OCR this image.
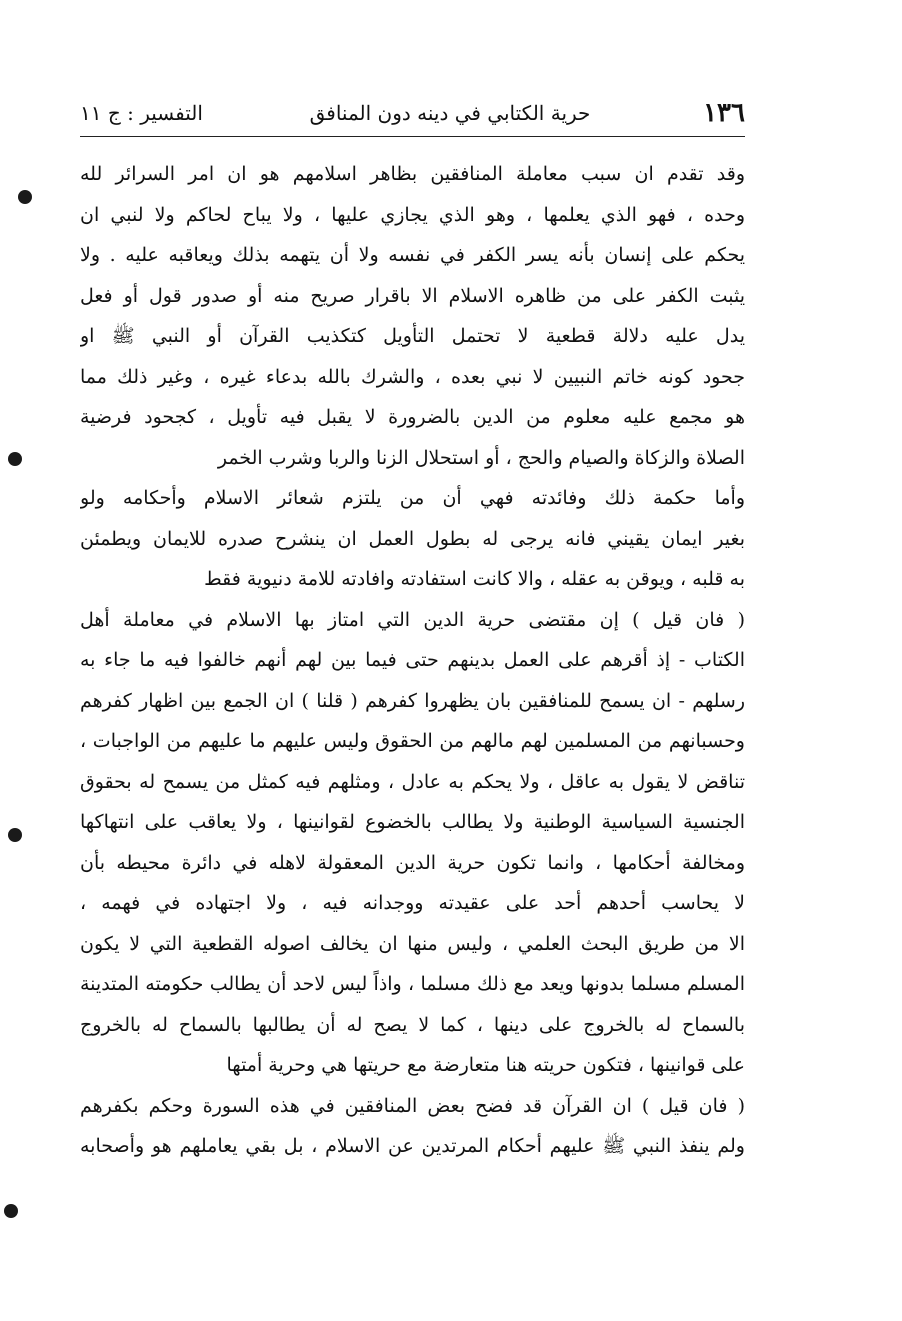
١٣٦
حرية الكتابي في دينه دون المنافق
التفسير : ج ١١
وقد تقدم ان سبب معاملة المنافقين بظاهر اسلامهم هو ان امر السرائر لله
وحده ، فهو الذي يعلمها ، وهو الذي يجازي عليها ، ولا يباح لحاكم ولا لنبي ان
يحكم على إنسان بأنه يسر الكفر في نفسه ولا أن يتهمه بذلك ويعاقبه عليه . ولا
يثبت الكفر على من ظاهره الاسلام الا باقرار صريح منه أو صدور قول أو فعل
يدل عليه دلالة قطعية لا تحتمل التأويل كتكذيب القرآن أو النبي ﷺ او
جحود كونه خاتم النبيين لا نبي بعده ، والشرك بالله بدعاء غيره ، وغير ذلك مما
هو مجمع عليه معلوم من الدين بالضرورة لا يقبل فيه تأويل ، كجحود فرضية
الصلاة والزكاة والصيام والحج ، أو استحلال الزنا والربا وشرب الخمر
وأما حكمة ذلك وفائدته فهي أن من يلتزم شعائر الاسلام وأحكامه ولو
بغير ايمان يقيني فانه يرجى له بطول العمل ان ينشرح صدره للايمان ويطمئن
به قلبه ، ويوقن به عقله ، والا كانت استفادته وافادته للامة دنيوية فقط
( فان قيل ) إن مقتضى حرية الدين التي امتاز بها الاسلام في معاملة أهل
الكتاب - إذ أقرهم على العمل بدينهم حتى فيما بين لهم أنهم خالفوا فيه ما جاء به
رسلهم - ان يسمح للمنافقين بان يظهروا كفرهم ( قلنا ) ان الجمع بين اظهار كفرهم
وحسبانهم من المسلمين لهم مالهم من الحقوق وليس عليهم ما عليهم من الواجبات ،
تناقض لا يقول به عاقل ، ولا يحكم به عادل ، ومثلهم فيه كمثل من يسمح له بحقوق
الجنسية السياسية الوطنية ولا يطالب بالخضوع لقوانينها ، ولا يعاقب على انتهاكها
ومخالفة أحكامها ، وانما تكون حرية الدين المعقولة لاهله في دائرة محيطه بأن
لا يحاسب أحدهم أحد على عقيدته ووجدانه فيه ، ولا اجتهاده في فهمه ،
الا من طريق البحث العلمي ، وليس منها ان يخالف اصوله القطعية التي لا يكون
المسلم مسلما بدونها ويعد مع ذلك مسلما ، واذاً ليس لاحد أن يطالب حكومته المتدينة
بالسماح له بالخروج على دينها ، كما لا يصح له أن يطالبها بالسماح له بالخروج
على قوانينها ، فتكون حريته هنا متعارضة مع حريتها هي وحرية أمتها
( فان قيل ) ان القرآن قد فضح بعض المنافقين في هذه السورة وحكم بكفرهم
ولم ينفذ النبي ﷺ عليهم أحكام المرتدين عن الاسلام ، بل بقي يعاملهم هو وأصحابه
